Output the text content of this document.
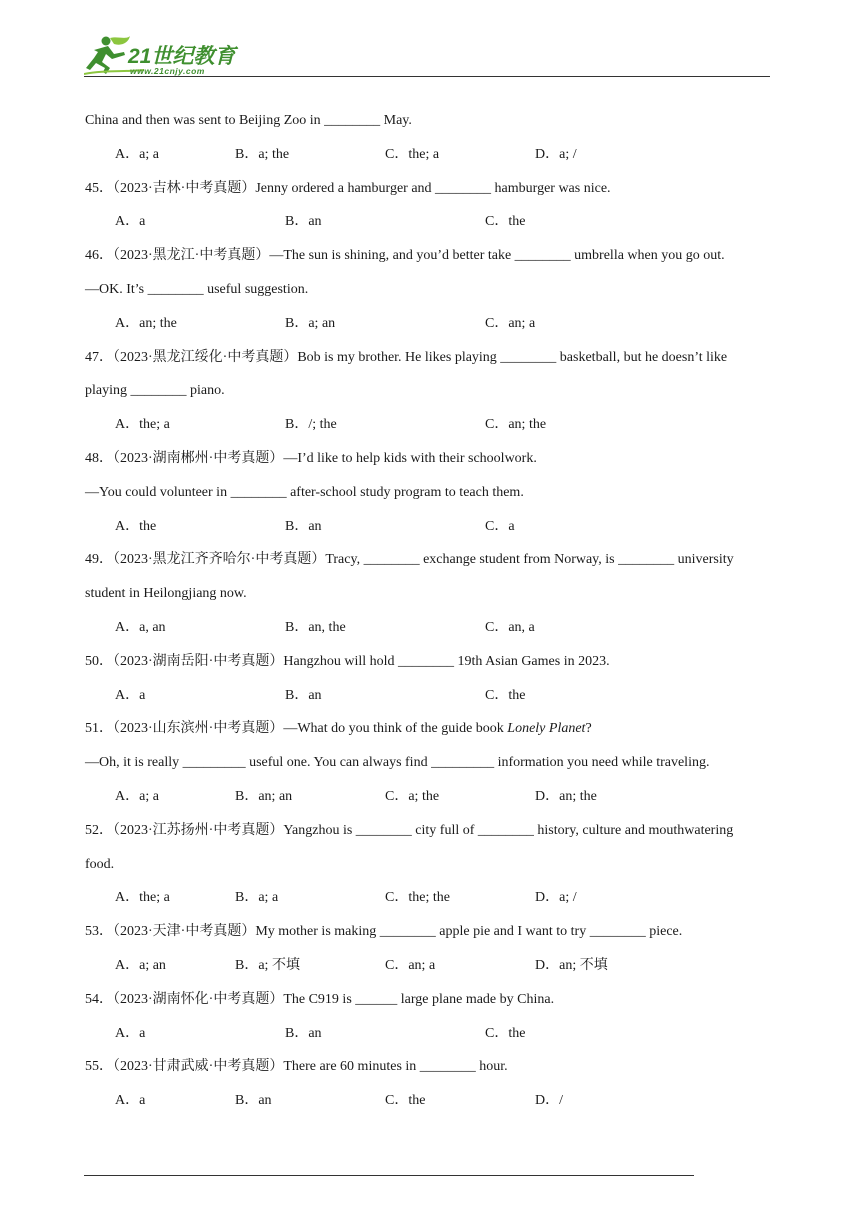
21世纪教育
www.21cnjy.com
China and then was sent to Beijing Zoo in ________ May.
A．a; a	B．a; the	C．the; a	D．a; /
45．（2023·吉林·中考真题）Jenny ordered a hamburger and ________ hamburger was nice.
A．a	B．an	C．the
46．（2023·黑龙江·中考真题）—The sun is shining, and you’d better take ________ umbrella when you go out.
—OK. It’s ________ useful suggestion.
A．an; the	B．a; an	C．an; a
47．（2023·黑龙江绥化·中考真题）Bob is my brother. He likes playing ________ basketball, but he doesn’t like
playing ________ piano.
A．the; a	B．/; the	C．an; the
48．（2023·湖南郴州·中考真题）—I’d like to help kids with their schoolwork.
—You could volunteer in ________ after-school study program to teach them.
A．the	B．an	C．a
49．（2023·黑龙江齐齐哈尔·中考真题）Tracy, ________ exchange student from Norway, is ________ university
student in Heilongjiang now.
A．a, an	B．an, the	C．an, a
50．（2023·湖南岳阳·中考真题）Hangzhou will hold ________ 19th Asian Games in 2023.
A．a	B．an	C．the
51．（2023·山东滨州·中考真题）—What do you think of the guide book Lonely Planet?
—Oh, it is really _________ useful one. You can always find _________ information you need while traveling.
A．a; a	B．an; an	C．a; the	D．an; the
52．（2023·江苏扬州·中考真题）Yangzhou is ________ city full of ________ history, culture and mouthwatering
food.
A．the; a	B．a; a	C．the; the	D．a; /
53．（2023·天津·中考真题）My mother is making ________ apple pie and I want to try ________ piece.
A．a; an	B．a; 不填	C．an; a	D．an; 不填
54．（2023·湖南怀化·中考真题）The C919 is ______ large plane made by China.
A．a	B．an	C．the
55．（2023·甘肃武威·中考真题）There are 60 minutes in ________ hour.
A．a	B．an	C．the	D．/
